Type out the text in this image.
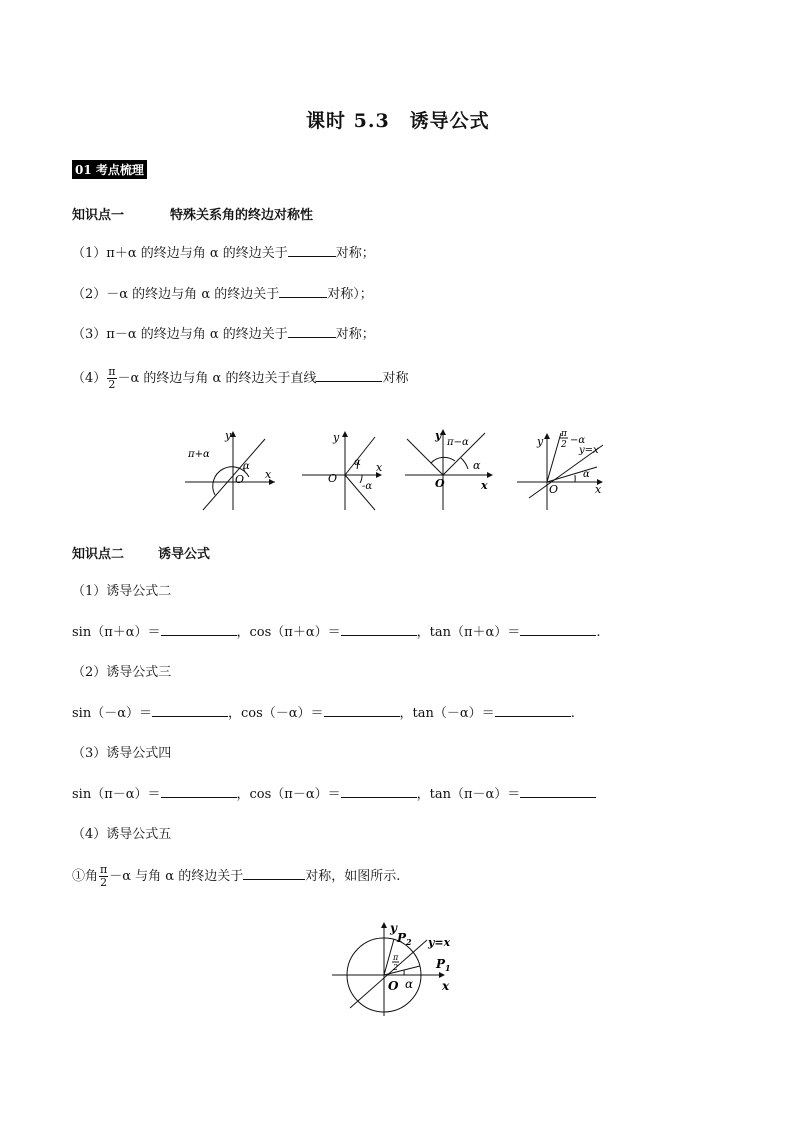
课时 5.3　诱导公式
01 考点梳理
知识点一	特殊关系角的终边对称性
（1）π＋α 的终边与角 α 的终边关于	对称；
（2）－α 的终边与角 α 的终边关于	对称）；
（3）π－α 的终边与角 α 的终边关于	对称；
$(4) \frac{\pi}{2} -\alpha$ 的终边与角 α 的终边关于直线	对称
y
x
O
π+α
α
y
x
O
α
-α
y
x
O
π−α
α
y
x
O
π
2 −α
y=x
α
知识点二	诱导公式
（1）诱导公式二
sin（π＋α）＝	，cos（π＋α）＝	，tan（π＋α）＝	.
（2）诱导公式三
sin（－α）＝	，cos（－α）＝	，tan（－α）＝	.
（3）诱导公式四
sin（π－α）＝	，cos（π－α）＝	，tan（π－α）＝
（4）诱导公式五
①角 $\frac{\pi}{2} -\alpha$ 与角 α 的终边关于	对称，如图所示.
y
x
O
$P_2$
$P_1$
y=x
π
2
α
